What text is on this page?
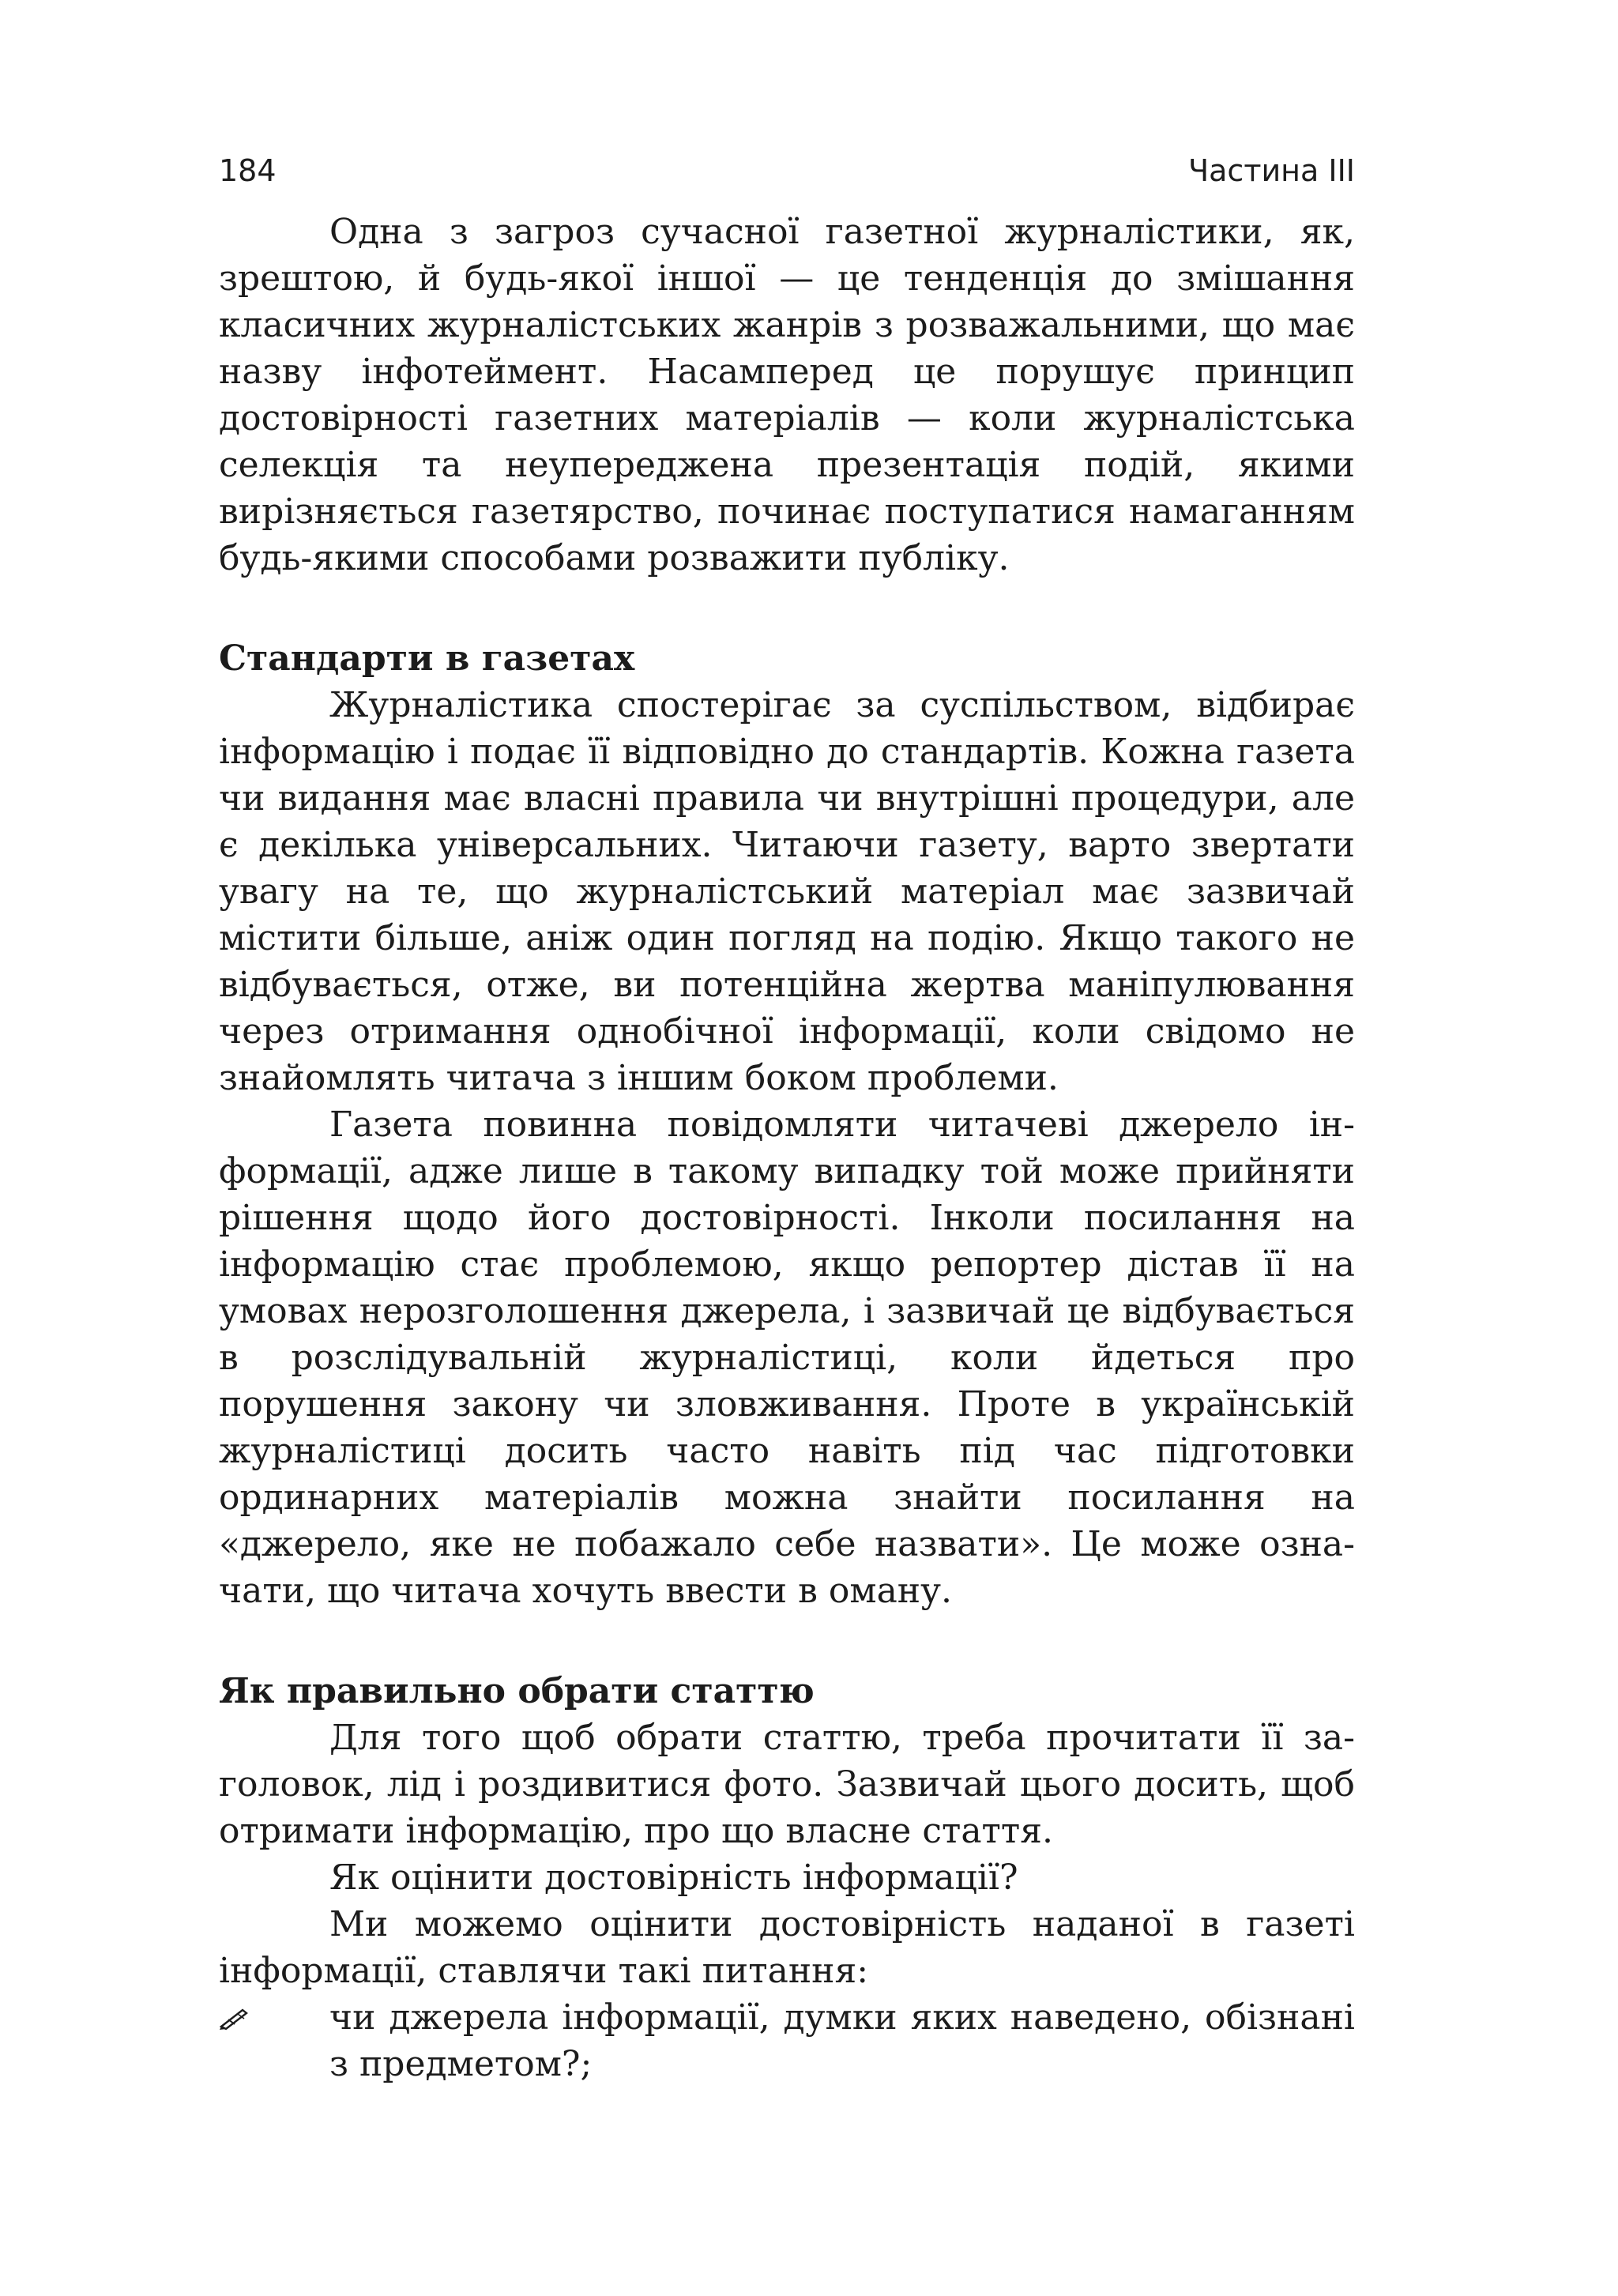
184	Частина III

Одна з загроз сучасної газетної журналістики, як, зрештою, й будь-якої іншої — це тенденція до змішання класичних журналістських жанрів з розважальними, що має назву інфотеймент. Насамперед це порушує принцип достовірності газетних матеріалів — коли журналістська селекція та неупереджена презентація подій, якими вирізняється газетярство, починає поступатися намаганням будь-якими способами розважити публіку.

Стандарти в газетах

Журналістика спостерігає за суспільством, відбирає інформацію і подає її відповідно до стандартів. Кожна газета чи видання має власні правила чи внутрішні процедури, але є декілька універсальних. Читаючи газету, варто звертати увагу на те, що журналістський матеріал має зазвичай містити більше, аніж один погляд на подію. Якщо такого не відбувається, отже, ви потенційна жертва маніпулювання через отримання однобічної інформації, коли свідомо не знайомлять читача з іншим боком проблеми.

Газета повинна повідомляти читачеві джерело інформації, адже лише в такому випадку той може прийняти рішення щодо його достовірності. Інколи посилання на інформацію стає проблемою, якщо репортер дістав її на умовах нерозголошення джерела, і зазвичай це відбувається в розслідувальній журналістиці, коли йдеться про порушення закону чи зловживання. Проте в українській журналістиці досить часто навіть під час підготовки ординарних матеріалів можна знайти посилання на «джерело, яке не побажало себе назвати». Це може означати, що читача хочуть ввести в оману.

Як правильно обрати статтю

Для того щоб обрати статтю, треба прочитати її заголовок, лід і роздивитися фото. Зазвичай цього досить, щоб отримати інформацію, про що власне стаття.

Як оцінити достовірність інформації?

Ми можемо оцінити достовірність наданої в газеті інформації, ставлячи такі питання:

чи джерела інформації, думки яких наведено, обізнані з предметом?;
